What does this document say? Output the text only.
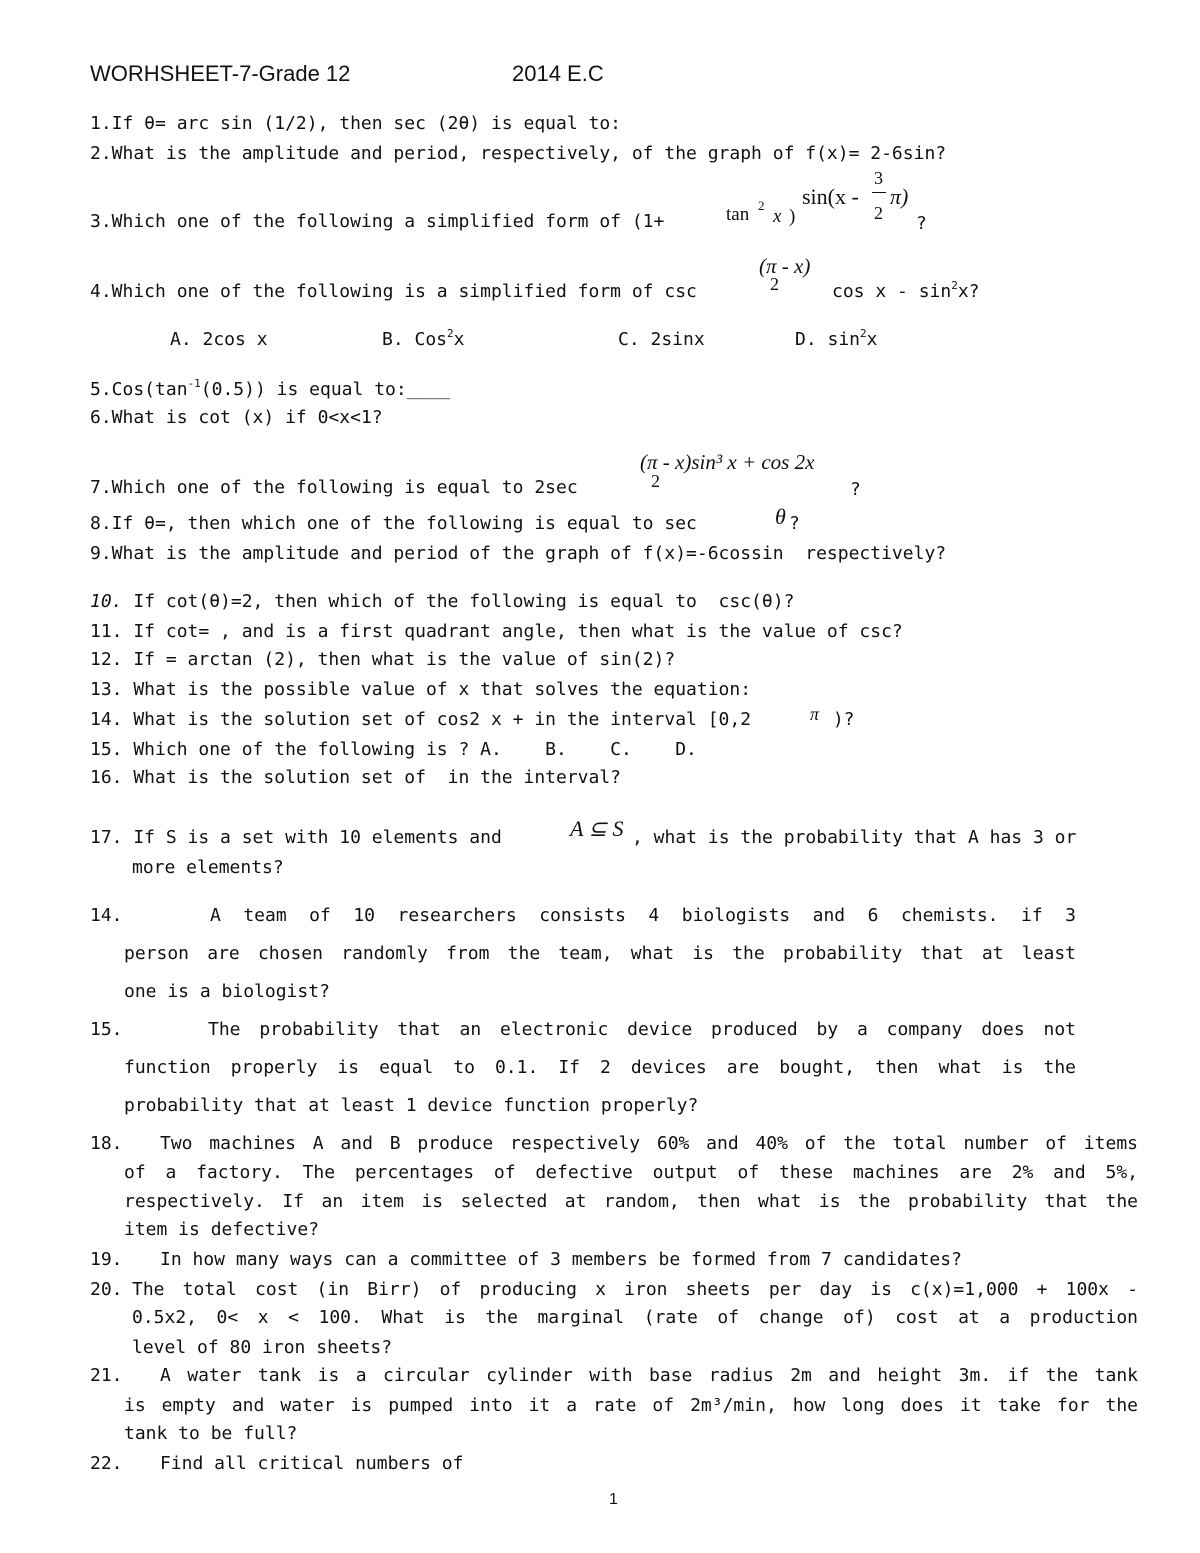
WORHSHEET-7-Grade 12	2014 E.C
1.If θ= arc sin (1/2), then sec (2θ) is equal to:
2.What is the amplitude and period, respectively, of the graph of f(x)= 2-6sin?
3.Which one of the following a simplified form of (1+	tan 2
x )
sin(x -
3
2
π)
?
4.Which one of the following is a simplified form of csc
(π - x)
2	cos x - $\sin^2x$?
A. 2cos x	B. Cos$^2$x	C. 2sinx	D. $\sin^2x$
$5.Cos(\tan^{-1}(0.5))$ is equal to:____
6.What is cot (x) if 0<x<1?
7.Which one of the following is equal to 2sec
(π - x)sin³ x + cos 2x
2	?
8.If θ=, then which one of the following is equal to sec	θ ?
9.What is the amplitude and period of the graph of f(x)=-6cossin  respectively?
10. If cot(θ)=2, then which of the following is equal to  csc(θ)?
11. If cot= , and is a first quadrant angle, then what is the value of csc?
12. If = arctan (2), then what is the value of sin(2)?
13. What is the possible value of x that solves the equation:
14. What is the solution set of cos2 x + in the interval [0,2	π )?
15. Which one of the following is ? A.    B.    C.    D.
16. What is the solution set of  in the interval?
17. If S is a set with 10 elements and	A ⊆ S , what is the probability that A has 3 or
more elements?
14.	A team of 10 researchers consists 4 biologists and 6 chemists. if 3
person are chosen randomly from the team, what is the probability that at least
one is a biologist?
15.	The probability that an electronic device produced by a company does not
function properly is equal to 0.1. If 2 devices are bought, then what is the
probability that at least 1 device function properly?
18. Two machines A and B produce respectively 60% and 40% of the total number of items
of a factory. The percentages of defective output of these machines are 2% and 5%,
respectively. If an item is selected at random, then what is the probability that the
item is defective?
19. In how many ways can a committee of 3 members be formed from 7 candidates?
20. The total cost (in Birr) of producing x iron sheets per day is c(x)=1,000 + 100x -
0.5x2, 0< x < 100. What is the marginal (rate of change of) cost at a production
level of 80 iron sheets?
21. A water tank is a circular cylinder with base radius 2m and height 3m. if the tank
is empty and water is pumped into it a rate of 2m³/min, how long does it take for the
tank to be full?
22. Find all critical numbers of
1
